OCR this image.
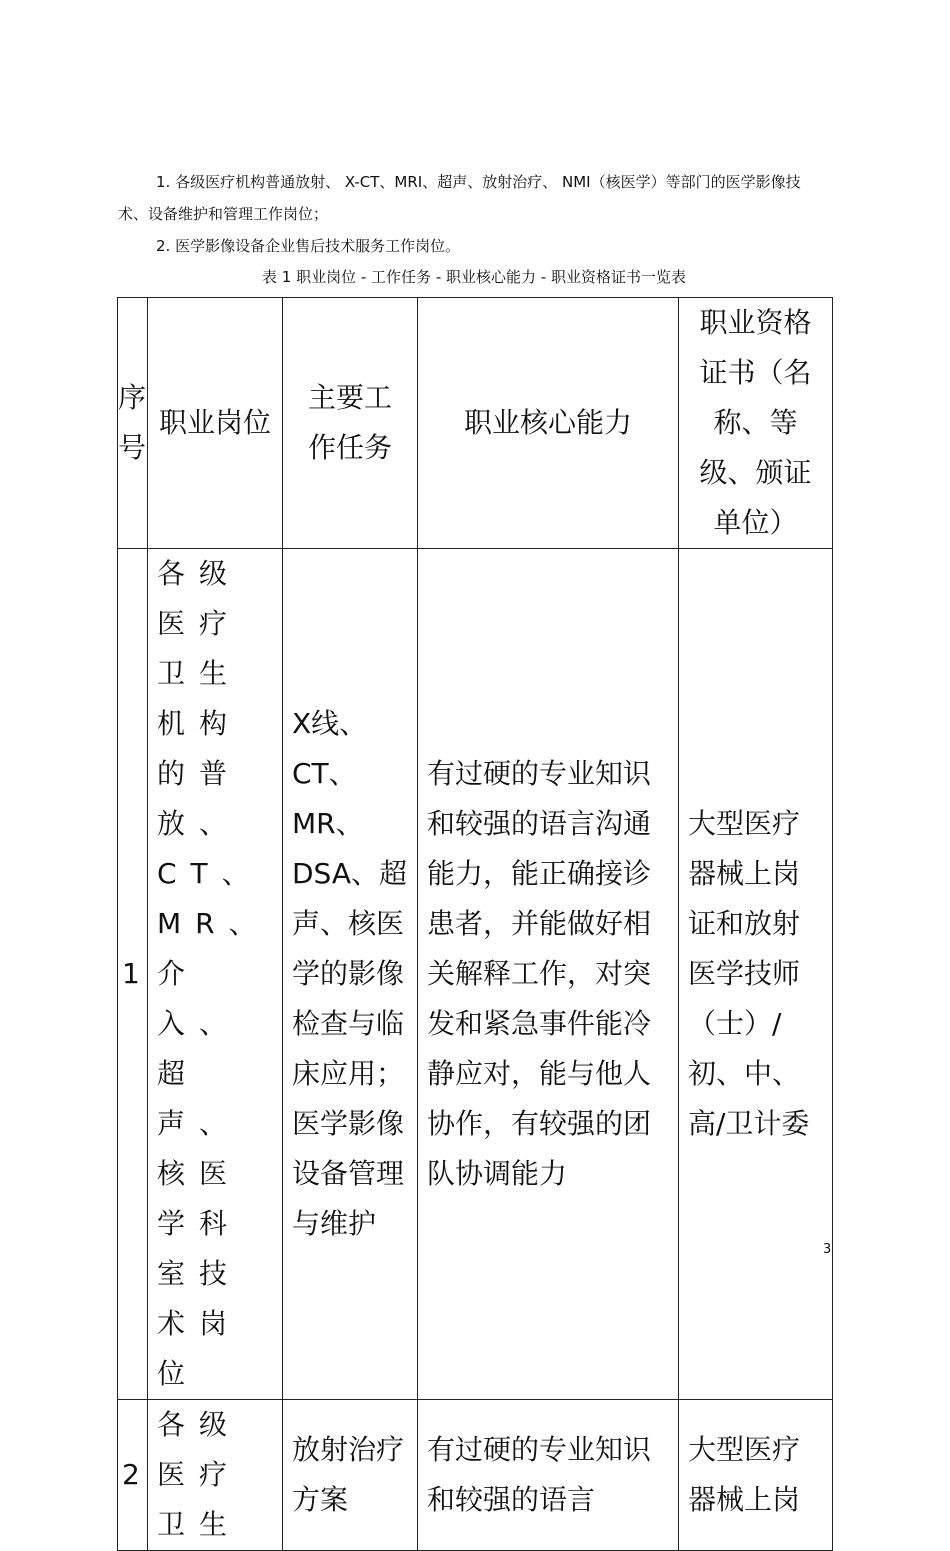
1. 各级医疗机构普通放射、 X-CT、MRI、超声、放射治疗、 NMI（核医学）等部门的医学影像技术、设备维护和管理工作岗位；

2. 医学影像设备企业售后技术服务工作岗位。

表 1 职业岗位 - 工作任务 - 职业核心能力 - 职业资格证书一览表

序号	职业岗位	主要工作任务	职业核心能力	职业资格证书（名称、等级、颁证单位）
1	各级医疗卫生机构的普放、CT、MR、介入、超声、核医学科室技术岗位	X线、CT、MR、DSA、超声、核医学的影像检查与临床应用；医学影像设备管理与维护	有过硬的专业知识和较强的语言沟通能力，能正确接诊患者，并能做好相关解释工作，对突发和紧急事件能冷静应对，能与他人协作，有较强的团队协调能力	大型医疗器械上岗证和放射医学技师（士）/初、中、高/卫计委
2	各级医疗卫生	放射治疗方案	有过硬的专业知识和较强的语言	大型医疗器械上岗
3
